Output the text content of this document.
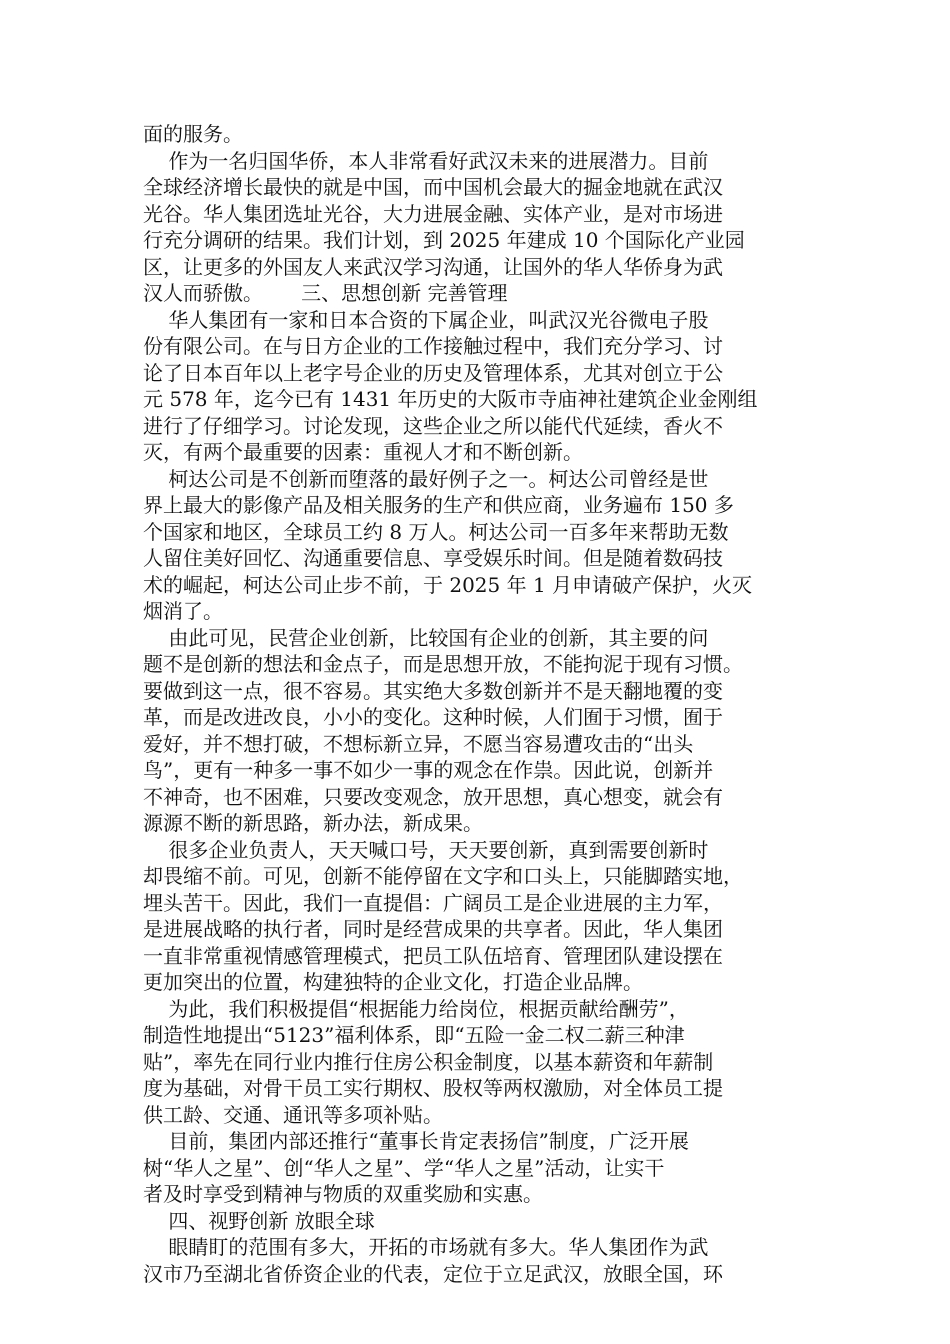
面的服务。
作为一名归国华侨，本人非常看好武汉未来的进展潜力。目前
全球经济增长最快的就是中国，而中国机会最大的掘金地就在武汉
光谷。华人集团选址光谷，大力进展金融、实体产业，是对市场进
行充分调研的结果。我们计划，到 2025 年建成 10 个国际化产业园
区，让更多的外国友人来武汉学习沟通，让国外的华人华侨身为武
汉人而骄傲。      三、思想创新 完善管理
华人集团有一家和日本合资的下属企业，叫武汉光谷微电子股
份有限公司。在与日方企业的工作接触过程中，我们充分学习、讨
论了日本百年以上老字号企业的历史及管理体系，尤其对创立于公
元 578 年，迄今已有 1431 年历史的大阪市寺庙神社建筑企业金刚组
进行了仔细学习。讨论发现，这些企业之所以能代代延续，香火不
灭，有两个最重要的因素：重视人才和不断创新。
柯达公司是不创新而堕落的最好例子之一。柯达公司曾经是世
界上最大的影像产品及相关服务的生产和供应商，业务遍布 150 多
个国家和地区，全球员工约 8 万人。柯达公司一百多年来帮助无数
人留住美好回忆、沟通重要信息、享受娱乐时间。但是随着数码技
术的崛起，柯达公司止步不前，于 2025 年 1 月申请破产保护，火灭
烟消了。
由此可见，民营企业创新，比较国有企业的创新，其主要的问
题不是创新的想法和金点子，而是思想开放，不能拘泥于现有习惯。
要做到这一点，很不容易。其实绝大多数创新并不是天翻地覆的变
革，而是改进改良，小小的变化。这种时候，人们囿于习惯，囿于
爱好，并不想打破，不想标新立异，不愿当容易遭攻击的“出头
鸟”，更有一种多一事不如少一事的观念在作祟。因此说，创新并
不神奇，也不困难，只要改变观念，放开思想，真心想变，就会有
源源不断的新思路，新办法，新成果。
很多企业负责人，天天喊口号，天天要创新，真到需要创新时
却畏缩不前。可见，创新不能停留在文字和口头上，只能脚踏实地，
埋头苦干。因此，我们一直提倡：广阔员工是企业进展的主力军，
是进展战略的执行者，同时是经营成果的共享者。因此，华人集团
一直非常重视情感管理模式，把员工队伍培育、管理团队建设摆在
更加突出的位置，构建独特的企业文化，打造企业品牌。
为此，我们积极提倡“根据能力给岗位，根据贡献给酬劳”，
制造性地提出“5123”福利体系，即“五险一金二权二薪三种津
贴”，率先在同行业内推行住房公积金制度，以基本薪资和年薪制
度为基础，对骨干员工实行期权、股权等两权激励，对全体员工提
供工龄、交通、通讯等多项补贴。
目前，集团内部还推行“董事长肯定表扬信”制度，广泛开展
树“华人之星”、创“华人之星”、学“华人之星”活动，让实干
者及时享受到精神与物质的双重奖励和实惠。
四、视野创新 放眼全球
眼睛盯的范围有多大，开拓的市场就有多大。华人集团作为武
汉市乃至湖北省侨资企业的代表，定位于立足武汉，放眼全国，环
